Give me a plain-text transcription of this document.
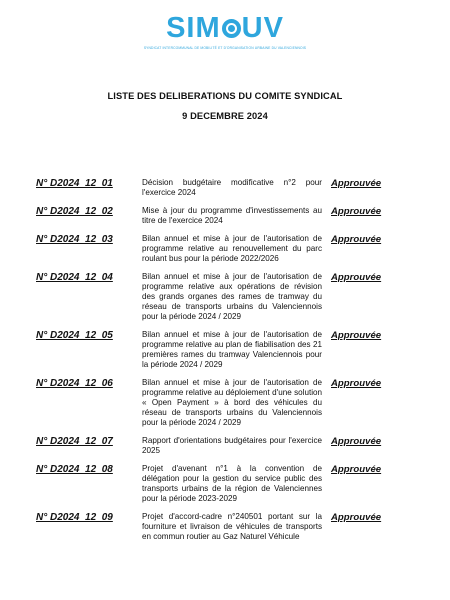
SIM UV
SYNDICAT INTERCOMMUNAL DE MOBILITÉ ET D'ORGANISATION URBAINE DU VALENCIENNOIS
LISTE DES DELIBERATIONS DU COMITE SYNDICAL
9 DECEMBRE 2024
N° D2024_12_01	Décision budgétaire modificative n°2 pour l'exercice 2024
Approuvée
N° D2024_12_02	Mise à jour du programme d'investissements au titre de l'exercice 2024
Approuvée
N° D2024_12_03	Bilan annuel et mise à jour de l'autorisation de programme relative au renouvellement du parc roulant bus pour la période 2022/2026
Approuvée
N° D2024_12_04	Bilan annuel et mise à jour de l'autorisation de programme relative aux opérations de révision des grands organes des rames de tramway du réseau de transports urbains du Valenciennois pour la période 2024 / 2029
Approuvée
N° D2024_12_05	Bilan annuel et mise à jour de l'autorisation de programme relative au plan de fiabilisation des 21 premières rames du tramway Valenciennois pour la période 2024 / 2029
Approuvée
N° D2024_12_06	Bilan annuel et mise à jour de l'autorisation de programme relative au déploiement d'une solution « Open Payment » à bord des véhicules du réseau de transports urbains du Valenciennois pour la période 2024 / 2029
Approuvée
N° D2024_12_07	Rapport d'orientations budgétaires pour l'exercice 2025
Approuvée
N° D2024_12_08	Projet d'avenant n°1 à la convention de délégation pour la gestion du service public des transports urbains de la région de Valenciennes pour la période 2023-2029
Approuvée
N° D2024_12_09	Projet d'accord-cadre n°240501 portant sur la fourniture et livraison de véhicules de transports en commun routier au Gaz Naturel Véhicule
Approuvée
